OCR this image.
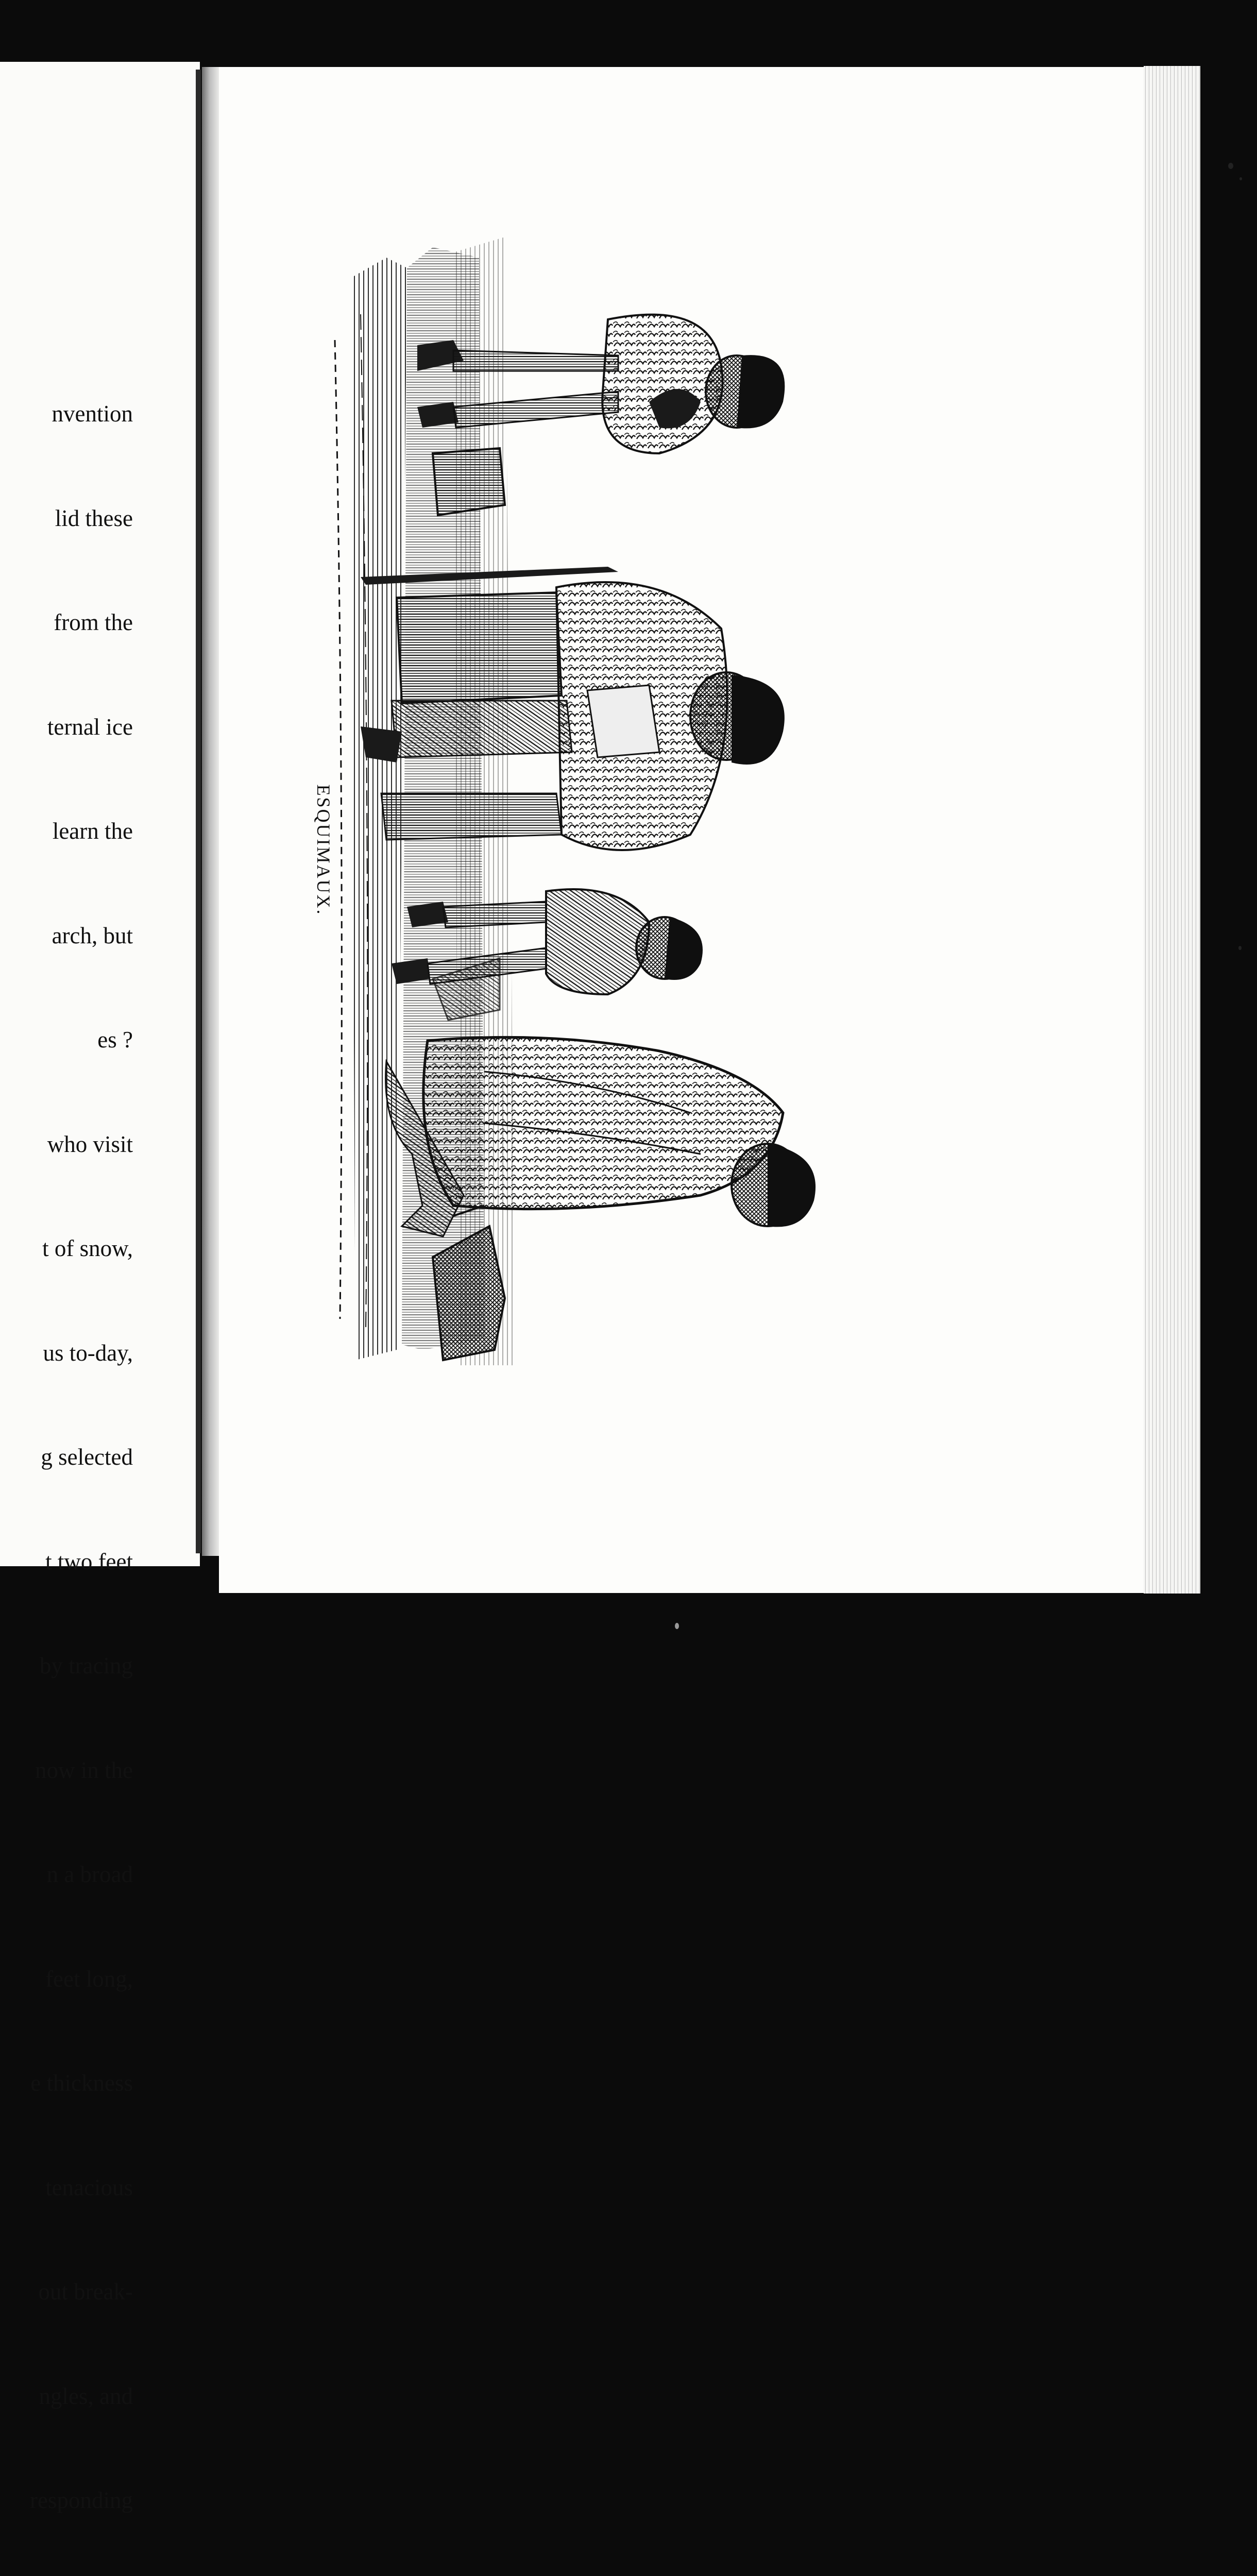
nvention

lid these

from the

ternal ice

learn the

arch, but

es ?

who visit

t of snow,

us to-day,

g selected

t two feet

by tracing

now in the

n a broad

feet long,

e thickness

tenacious

out break-

ngles, and

responding

ESQUIMAUX.
